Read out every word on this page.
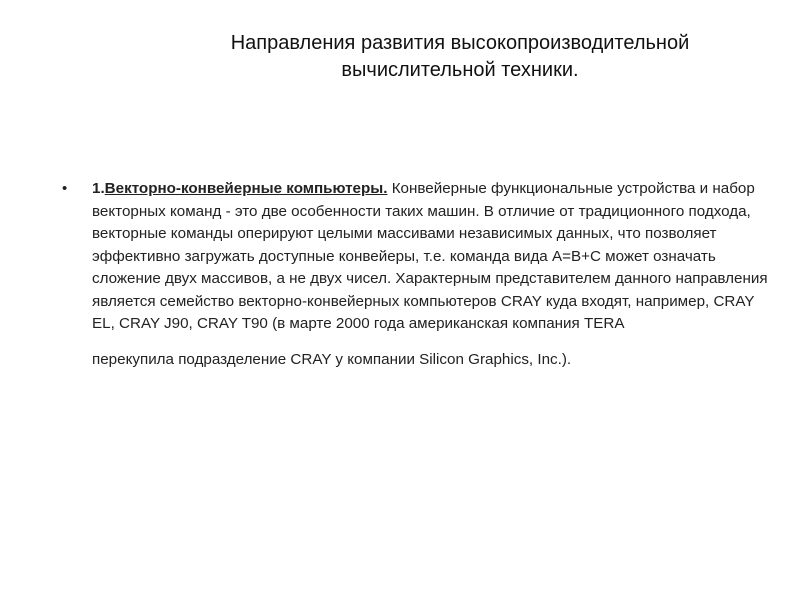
Направления развития высокопроизводительной
вычислительной техники.
• 1.Векторно-конвейерные компьютеры. Конвейерные функциональные устройства и набор векторных команд - это две особенности таких машин. В отличие от традиционного подхода, векторные команды оперируют целыми массивами независимых данных, что позволяет эффективно загружать доступные конвейеры, т.е. команда вида A=B+C может означать сложение двух массивов, а не двух чисел. Характерным представителем данного направления является семейство векторно-конвейерных компьютеров CRAY куда входят, например, CRAY EL, CRAY J90, CRAY T90 (в марте 2000 года американская компания TERA
перекупила подразделение CRAY у компании Silicon Graphics, Inc.).
